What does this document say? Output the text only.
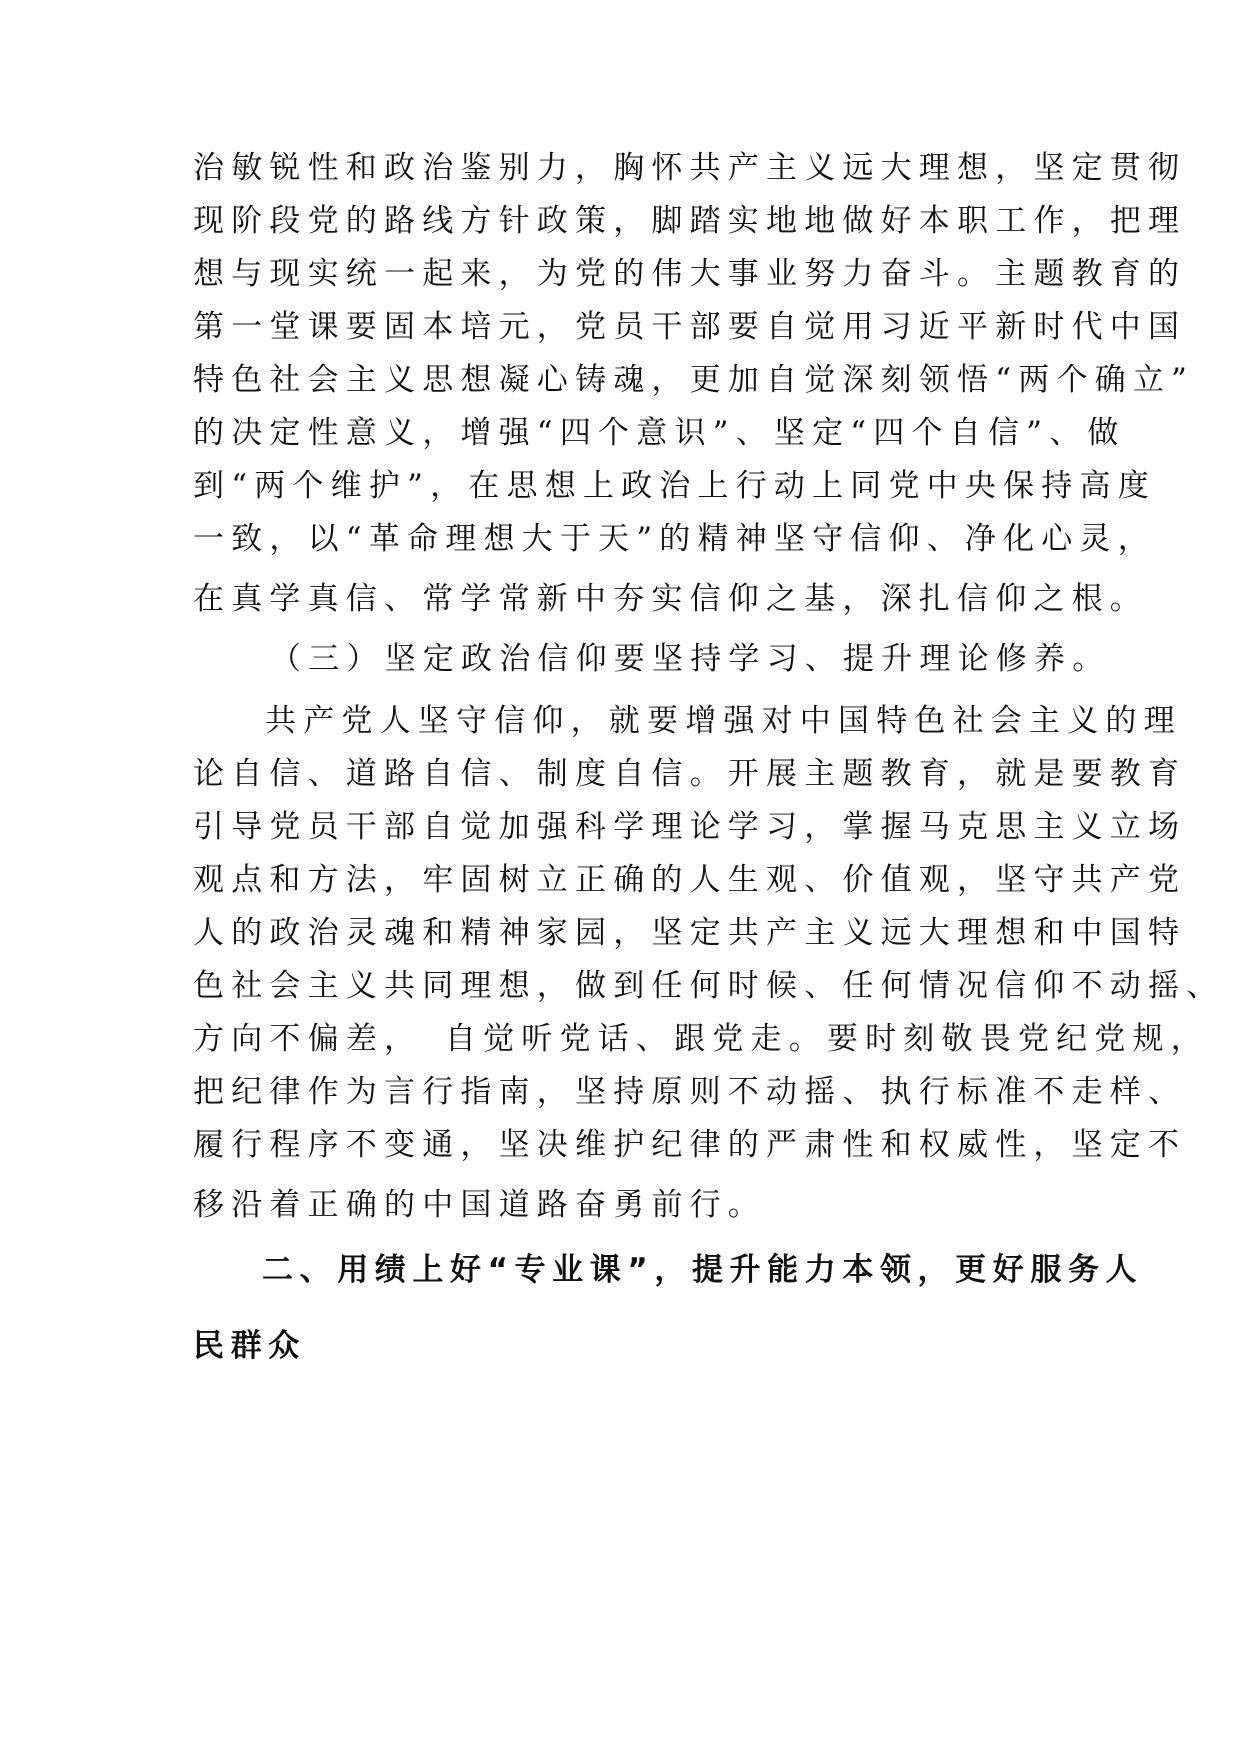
治敏锐性和政治鉴别力，胸怀共产主义远大理想，坚定贯彻
现阶段党的路线方针政策，脚踏实地地做好本职工作，把理
想与现实统一起来，为党的伟大事业努力奋斗。主题教育的
第一堂课要固本培元，党员干部要自觉用习近平新时代中国
特色社会主义思想凝心铸魂，更加自觉深刻领悟“两个确立”
的决定性意义，增强“四个意识”、坚定“四个自信”、做
到“两个维护”，在思想上政治上行动上同党中央保持高度
一致，以“革命理想大于天”的精神坚守信仰、净化心灵，
在真学真信、常学常新中夯实信仰之基，深扎信仰之根。
（三）坚定政治信仰要坚持学习、提升理论修养。
共产党人坚守信仰，就要增强对中国特色社会主义的理
论自信、道路自信、制度自信。开展主题教育，就是要教育
引导党员干部自觉加强科学理论学习，掌握马克思主义立场
观点和方法，牢固树立正确的人生观、价值观，坚守共产党
人的政治灵魂和精神家园，坚定共产主义远大理想和中国特
色社会主义共同理想，做到任何时候、任何情况信仰不动摇、
方向不偏差，　自觉听党话、跟党走。要时刻敬畏党纪党规，
把纪律作为言行指南，坚持原则不动摇、执行标准不走样、
履行程序不变通，坚决维护纪律的严肃性和权威性，坚定不
移沿着正确的中国道路奋勇前行。
二、用绩上好“专业课”，提升能力本领，更好服务人
民群众
